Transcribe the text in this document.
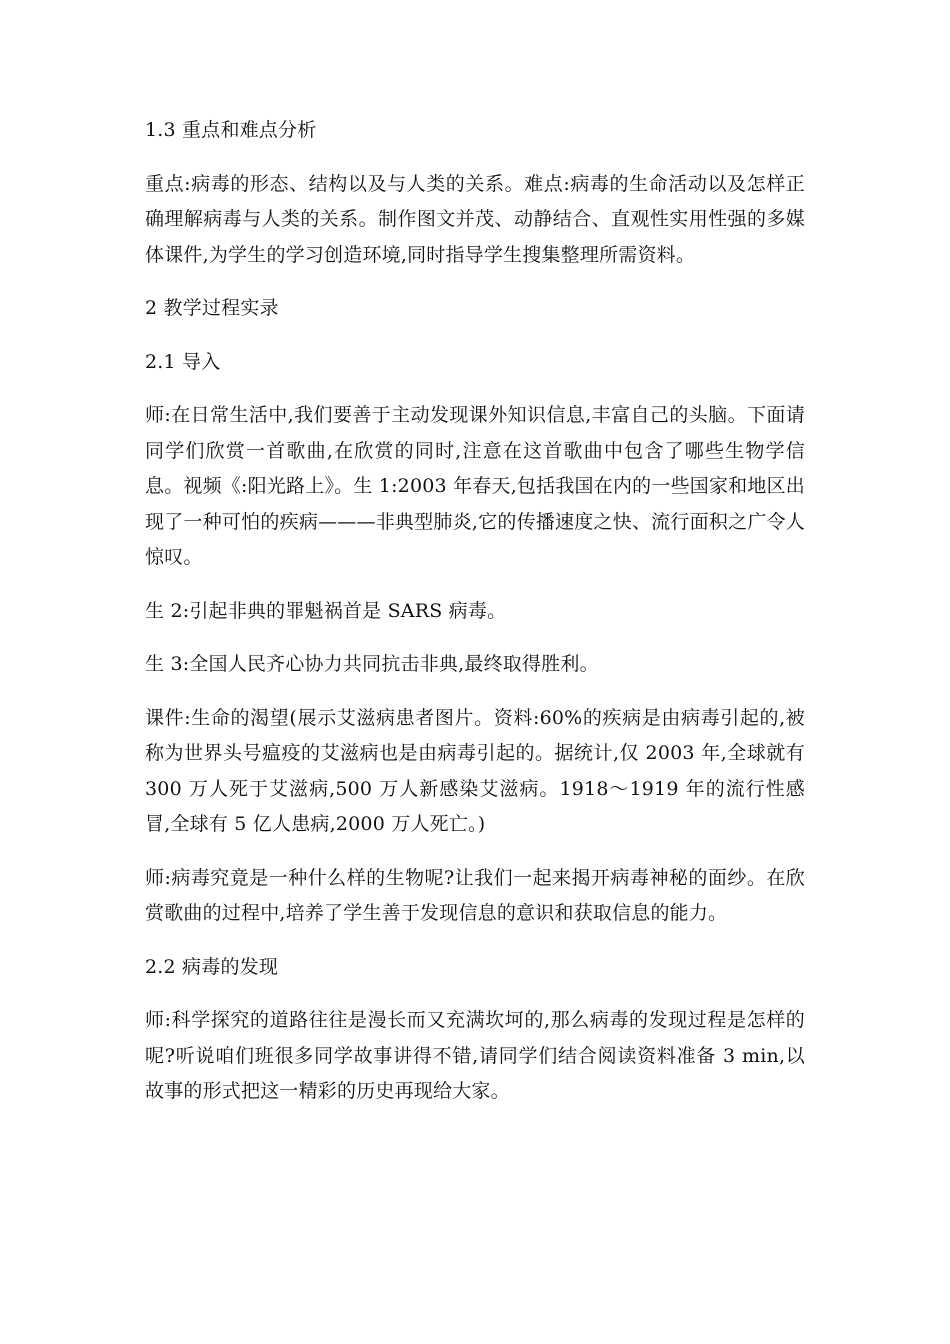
1.3 重点和难点分析

重点:病毒的形态、结构以及与人类的关系。难点:病毒的生命活动以及怎样正确理解病毒与人类的关系。制作图文并茂、动静结合、直观性实用性强的多媒体课件,为学生的学习创造环境,同时指导学生搜集整理所需资料。

2 教学过程实录

2.1 导入

师:在日常生活中,我们要善于主动发现课外知识信息,丰富自己的头脑。下面请同学们欣赏一首歌曲,在欣赏的同时,注意在这首歌曲中包含了哪些生物学信息。视频《:阳光路上》。生 1:2003 年春天,包括我国在内的一些国家和地区出现了一种可怕的疾病———非典型肺炎,它的传播速度之快、流行面积之广令人惊叹。

生 2:引起非典的罪魁祸首是 SARS 病毒。

生 3:全国人民齐心协力共同抗击非典,最终取得胜利。

课件:生命的渴望(展示艾滋病患者图片。资料:60%的疾病是由病毒引起的,被称为世界头号瘟疫的艾滋病也是由病毒引起的。据统计,仅 2003 年,全球就有 300 万人死于艾滋病,500 万人新感染艾滋病。1918～1919 年的流行性感冒,全球有 5 亿人患病,2000 万人死亡。)

师:病毒究竟是一种什么样的生物呢?让我们一起来揭开病毒神秘的面纱。在欣赏歌曲的过程中,培养了学生善于发现信息的意识和获取信息的能力。

2.2 病毒的发现

师:科学探究的道路往往是漫长而又充满坎坷的,那么病毒的发现过程是怎样的呢?听说咱们班很多同学故事讲得不错,请同学们结合阅读资料准备 3 min,以故事的形式把这一精彩的历史再现给大家。
